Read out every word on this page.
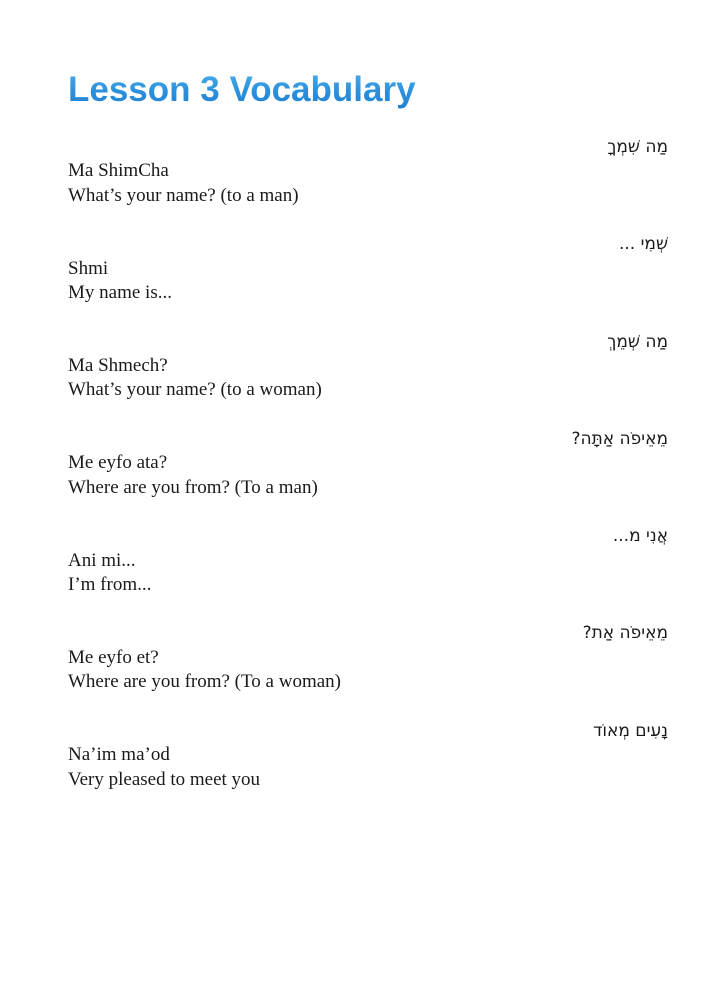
Lesson 3 Vocabulary
מַה שִׁמְךָ
Ma ShimCha
What’s your name? (to a man)
שְׁמִי ...
Shmi
My name is...
מַה שְׁמֵךְ
Ma Shmech?
What’s your name? (to a woman)
מֵאֵיפֹה אַתָּה?
Me eyfo ata?
Where are you from? (To a man)
אֲנִי מ...
Ani mi...
I’m from...
מֵאֵיפֹה אַת?
Me eyfo et?
Where are you from? (To a woman)
נָעִים מְאוֹד
Na’im ma’od
Very pleased to meet you
